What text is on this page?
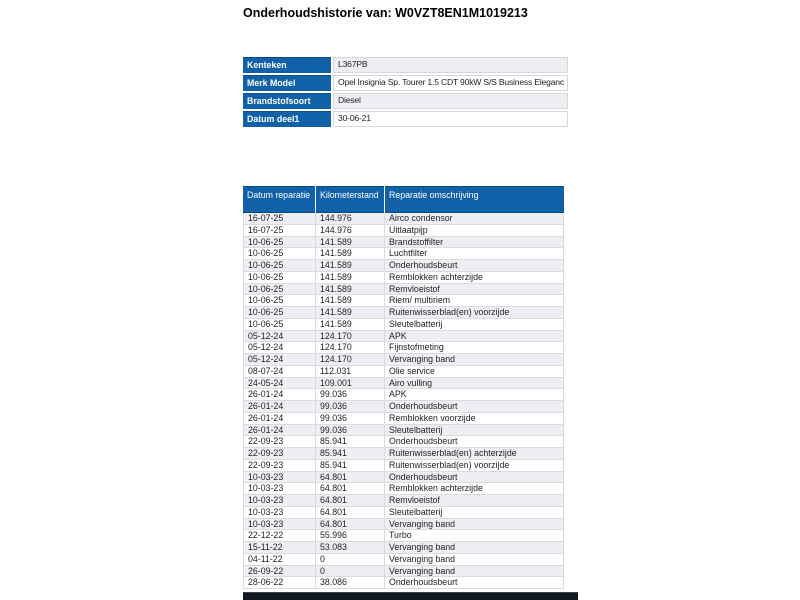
Onderhoudshistorie van: W0VZT8EN1M1019213
Kenteken	L367PB
Merk Model	Opel Insignia Sp. Tourer 1.5 CDT 90kW S/S Business Eleganc
Brandstofsoort	Diesel
Datum deel1	30-06-21
Datum reparatie	Kilometerstand	Reparatie omschrijving
16-07-25	144.976	Airco condensor
16-07-25	144.976	Uitlaatpijp
10-06-25	141.589	Brandstoffilter
10-06-25	141.589	Luchtfilter
10-06-25	141.589	Onderhoudsbeurt
10-06-25	141.589	Remblokken achterzijde
10-06-25	141.589	Remvloeistof
10-06-25	141.589	Riem/ multiriem
10-06-25	141.589	Ruitenwisserblad(en) voorzijde
10-06-25	141.589	Sleutelbatterij
05-12-24	124.170	APK
05-12-24	124.170	Fijnstofmeting
05-12-24	124.170	Vervanging band
08-07-24	112.031	Olie service
24-05-24	109.001	Airo vulling
26-01-24	99.036	APK
26-01-24	99.036	Onderhoudsbeurt
26-01-24	99.036	Remblokken voorzijde
26-01-24	99.036	Sleutelbatterij
22-09-23	85.941	Onderhoudsbeurt
22-09-23	85.941	Ruitenwisserblad(en) achterzijde
22-09-23	85.941	Ruitenwisserblad(en) voorzijde
10-03-23	64.801	Onderhoudsbeurt
10-03-23	64.801	Remblokken achterzijde
10-03-23	64.801	Remvloeistof
10-03-23	64.801	Sleutelbatterij
10-03-23	64.801	Vervanging band
22-12-22	55.996	Turbo
15-11-22	53.083	Vervanging band
04-11-22	0	Vervanging band
26-09-22	0	Vervanging band
28-06-22	38.086	Onderhoudsbeurt
